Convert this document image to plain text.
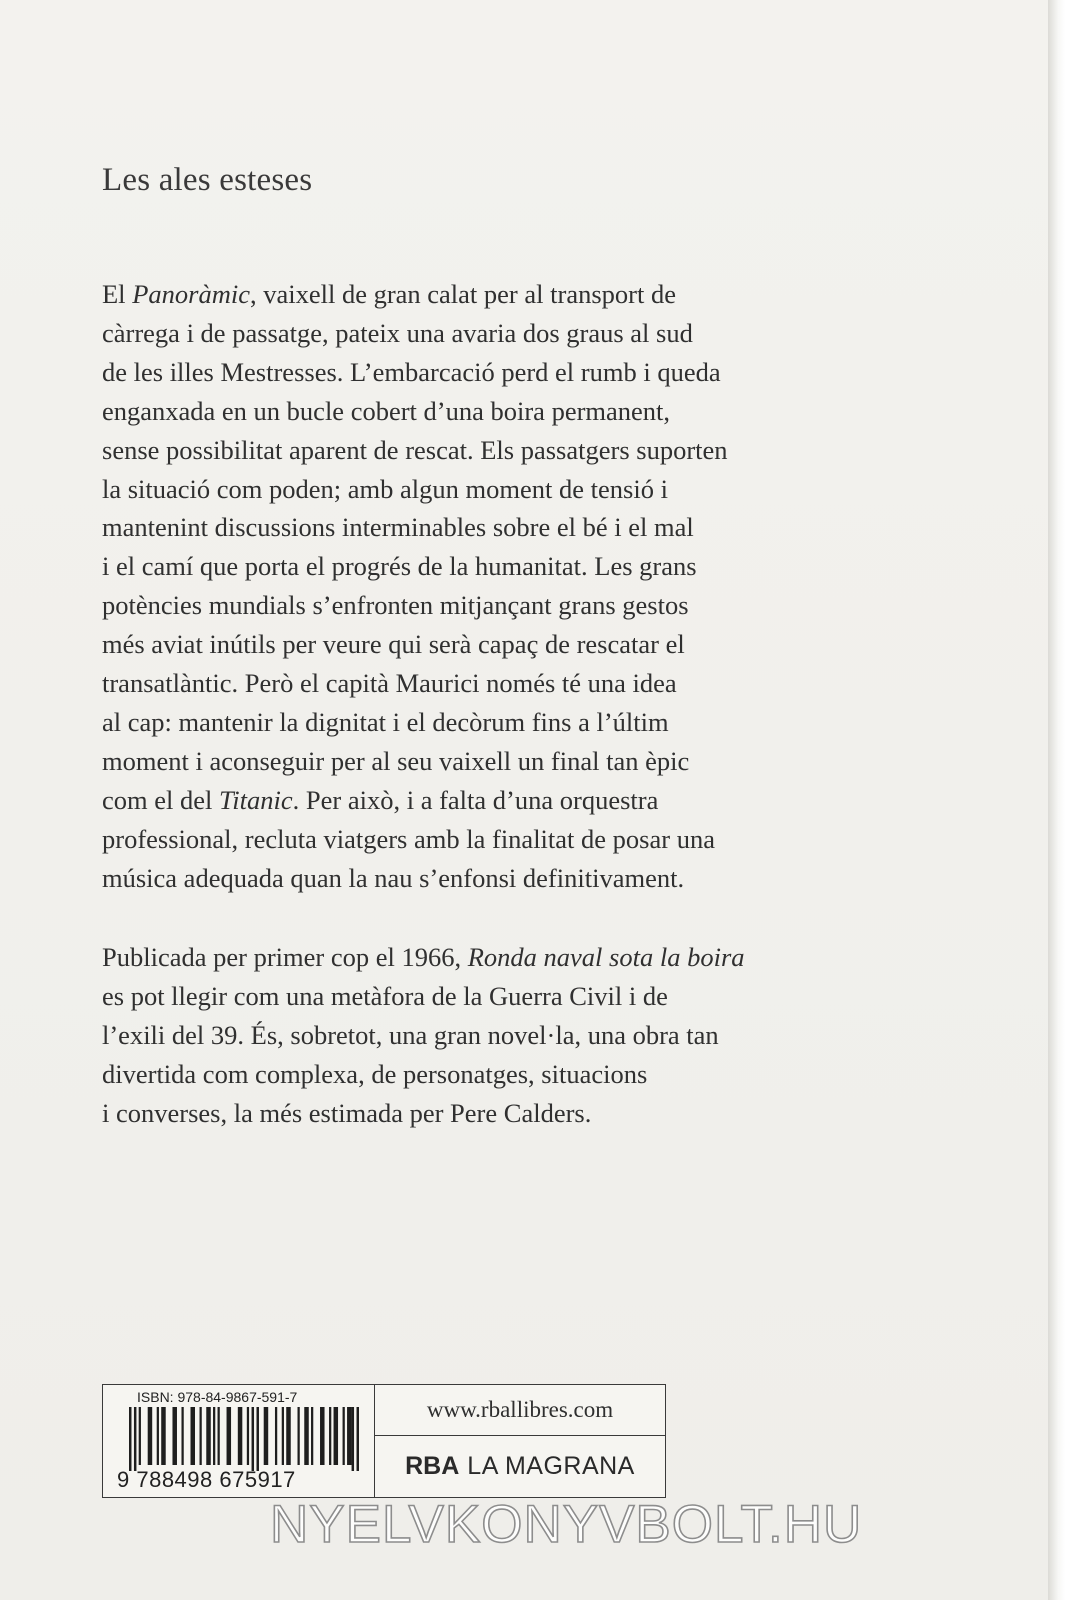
Les ales esteses

El Panoràmic, vaixell de gran calat per al transport de
càrrega i de passatge, pateix una avaria dos graus al sud
de les illes Mestresses. L’embarcació perd el rumb i queda
enganxada en un bucle cobert d’una boira permanent,
sense possibilitat aparent de rescat. Els passatgers suporten
la situació com poden; amb algun moment de tensió i
mantenint discussions interminables sobre el bé i el mal
i el camí que porta el progrés de la humanitat. Les grans
potències mundials s’enfronten mitjançant grans gestos
més aviat inútils per veure qui serà capaç de rescatar el
transatlàntic. Però el capità Maurici només té una idea
al cap: mantenir la dignitat i el decòrum fins a l’últim
moment i aconseguir per al seu vaixell un final tan èpic
com el del Titanic. Per això, i a falta d’una orquestra
professional, recluta viatgers amb la finalitat de posar una
música adequada quan la nau s’enfonsi definitivament.

Publicada per primer cop el 1966, Ronda naval sota la boira
es pot llegir com una metàfora de la Guerra Civil i de
l’exili del 39. És, sobretot, una gran novel·la, una obra tan
divertida com complexa, de personatges, situacions
i converses, la més estimada per Pere Calders.

ISBN: 978-84-9867-591-7
9 788498 675917
www.rballibres.com
RBA LA MAGRANA
NYELVKONYVBOLT.HU
